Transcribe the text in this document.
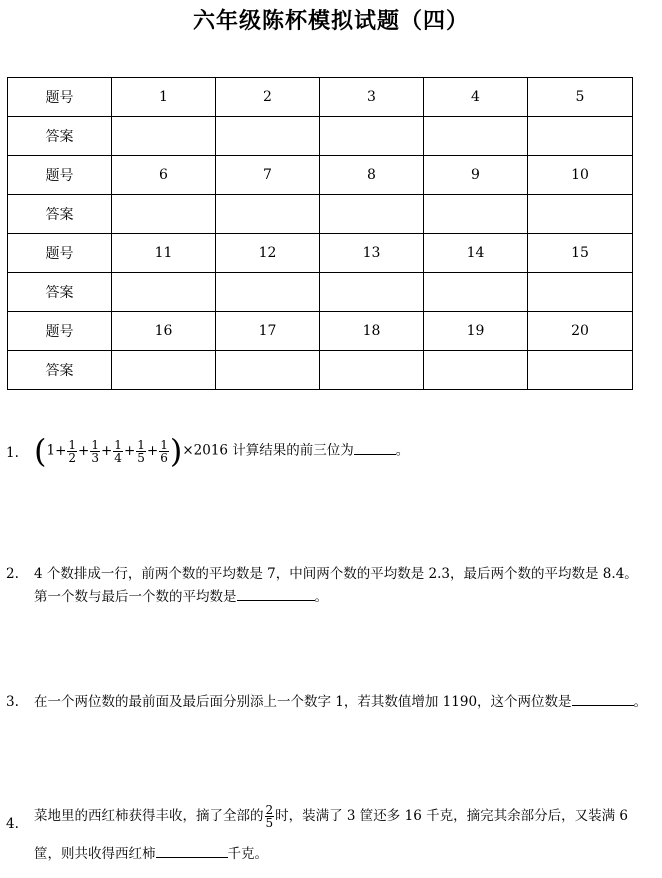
六年级陈杯模拟试题（四）
题号	1	2	3	4	5
答案					
题号	6	7	8	9	10
答案					
题号	11	12	13	14	15
答案					
题号	16	17	18	19	20
答案					
1. $(1+ \frac{1}{2} + \frac{1}{3} + \frac{1}{4} + \frac{1}{5} + \frac{1}{6} )\times 2016$ 计算结果的前三位为	。
2. 4 个数排成一行，前两个数的平均数是 7，中间两个数的平均数是 2.3，最后两个数的平均数是 8.4。
第一个数与最后一个数的平均数是	。
3. 在一个两位数的最前面及最后面分别添上一个数字 1，若其数值增加 1190，这个两位数是	。
4. 菜地里的西红柿获得丰收，摘了全部的 $\frac{2}{5}$ 时，装满了 3 筐还多 16 千克，摘完其余部分后，又装满 6
筐，则共收得西红柿	千克。
